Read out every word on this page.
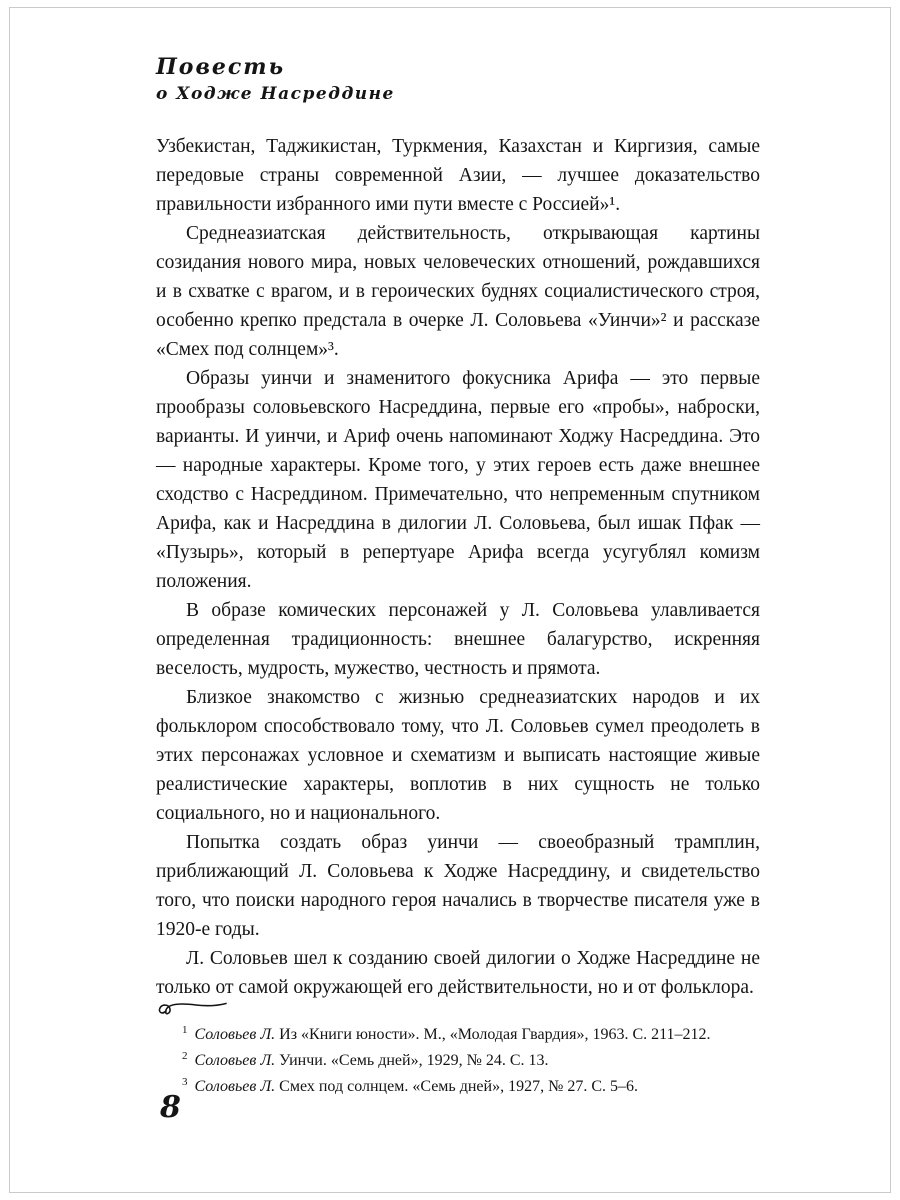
Повесть
о Ходже Насреддине

Узбекистан, Таджикистан, Туркмения, Казахстан и Киргизия, самые передовые страны современной Азии, — лучшее доказательство правильности избранного ими пути вместе с Россией»¹.

Среднеазиатская действительность, открывающая картины созидания нового мира, новых человеческих отношений, рождавшихся и в схватке с врагом, и в героических буднях социалистического строя, особенно крепко предстала в очерке Л. Соловьева «Уинчи»² и рассказе «Смех под солнцем»³.

Образы уинчи и знаменитого фокусника Арифа — это первые прообразы соловьевского Насреддина, первые его «пробы», наброски, варианты. И уинчи, и Ариф очень напоминают Ходжу Насреддина. Это — народные характеры. Кроме того, у этих героев есть даже внешнее сходство с Насреддином. Примечательно, что непременным спутником Арифа, как и Насреддина в дилогии Л. Соловьева, был ишак Пфак — «Пузырь», который в репертуаре Арифа всегда усугублял комизм положения.

В образе комических персонажей у Л. Соловьева улавливается определенная традиционность: внешнее балагурство, искренняя веселость, мудрость, мужество, честность и прямота.

Близкое знакомство с жизнью среднеазиатских народов и их фольклором способствовало тому, что Л. Соловьев сумел преодолеть в этих персонажах условное и схематизм и выписать настоящие живые реалистические характеры, воплотив в них сущность не только социального, но и национального.

Попытка создать образ уинчи — своеобразный трамплин, приближающий Л. Соловьева к Ходже Насреддину, и свидетельство того, что поиски народного героя начались в творчестве писателя уже в 1920-е годы.

Л. Соловьев шел к созданию своей дилогии о Ходже Насреддине не только от самой окружающей его действительности, но и от фольклора.

$^1$ Соловьев Л. Из «Книги юности». М., «Молодая Гвардия», 1963. С. 211–212.

$^2$ Соловьев Л. Уинчи. «Семь дней», 1929, № 24. С. 13.

$^3$ Соловьев Л. Смех под солнцем. «Семь дней», 1927, № 27. С. 5–6.

8
